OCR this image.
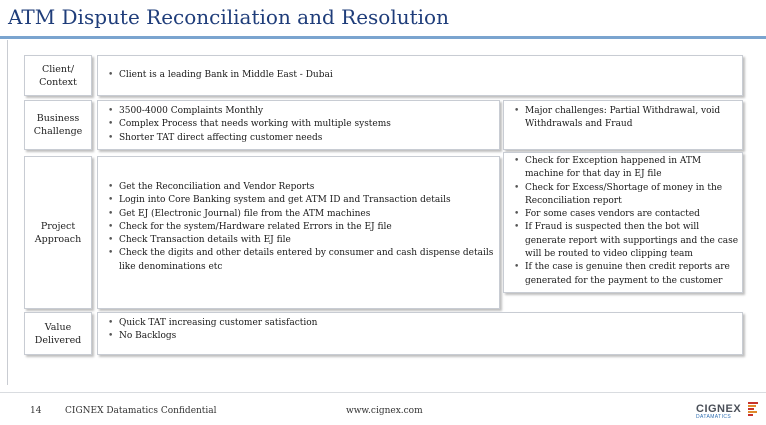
ATM Dispute Reconciliation and Resolution
Client/ Context
Business Challenge
Project Approach
Value Delivered
• Client is a leading Bank in Middle East - Dubai
• 3500-4000 Complaints Monthly
• Complex Process that needs working with multiple systems
• Shorter TAT direct affecting customer needs
• Major challenges: Partial Withdrawal, void Withdrawals and Fraud
• Get the Reconciliation and Vendor Reports
• Login into Core Banking system and get ATM ID and Transaction details
• Get EJ (Electronic Journal) file from the ATM machines
• Check for the system/Hardware related Errors in the EJ file
• Check Transaction details with EJ file
• Check the digits and other details entered by consumer and cash dispense details like denominations etc
• Check for Exception happened in ATM machine for that day in EJ file
• Check for Excess/Shortage of money in the Reconciliation report
• For some cases vendors are contacted
• If Fraud is suspected then the bot will generate report with supportings and the case will be routed to video clipping team
• If the case is genuine then credit reports are generated for the payment to the customer
• Quick TAT increasing customer satisfaction
• No Backlogs
14	CIGNEX Datamatics Confidential	www.cignex.com	CIGNEX
DATAMATICS
